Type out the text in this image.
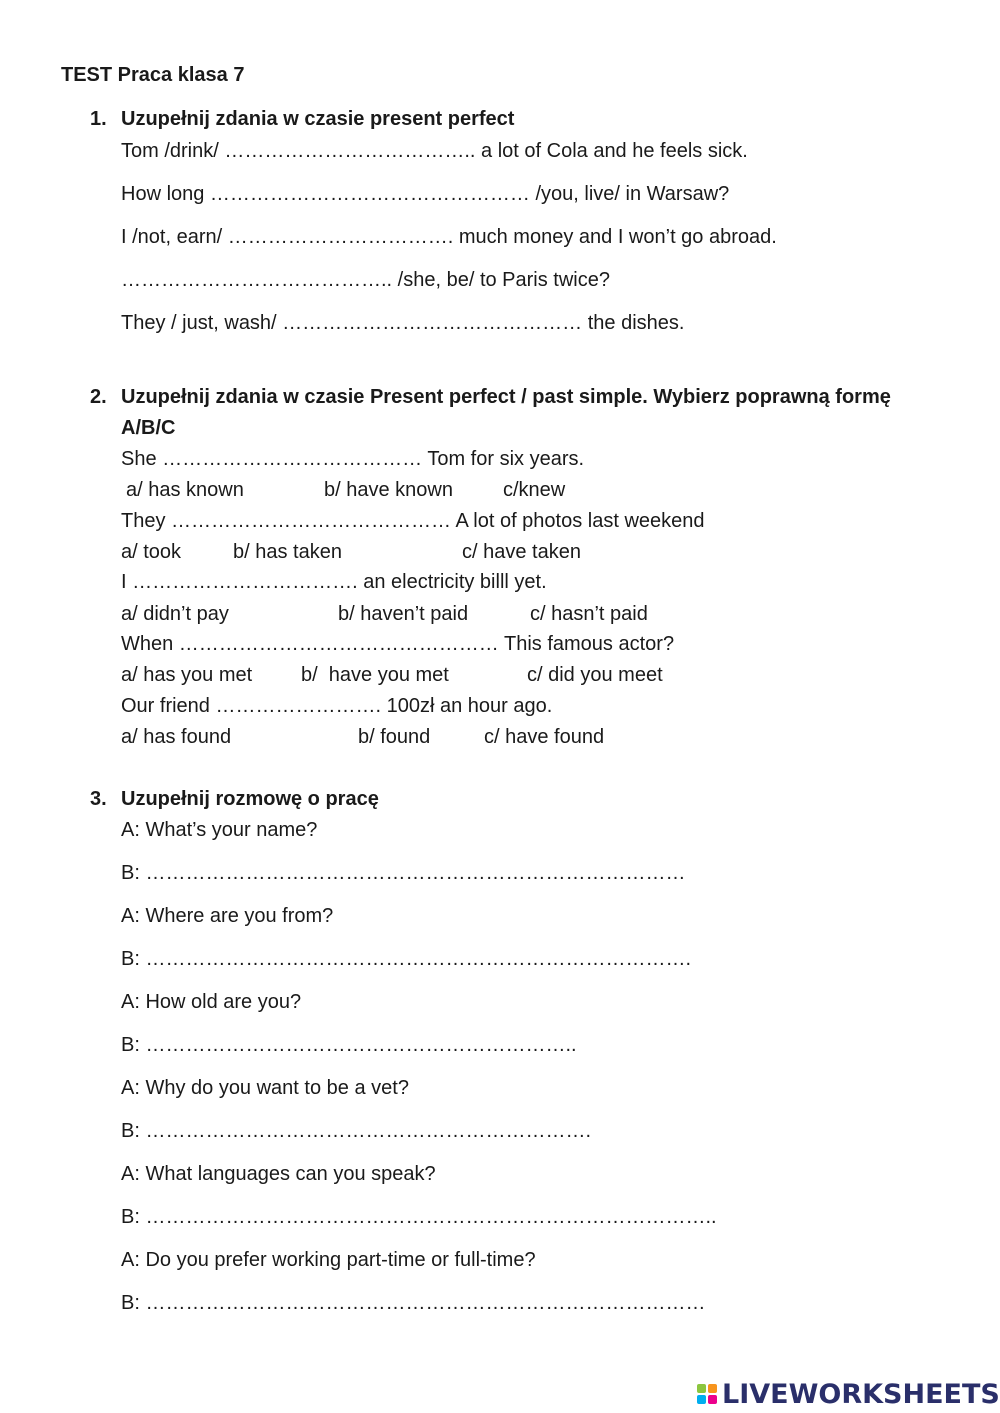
TEST Praca klasa 7
1. Uzupełnij zdania w czasie present perfect
Tom /drink/ ……………………………….. a lot of Cola and he feels sick.
How long ………………………………………… /you, live/ in Warsaw?
I /not, earn/ ……………………………. much money and I won’t go abroad.
………………………………….. /she, be/ to Paris twice?
They / just, wash/ ……………………………………… the dishes.
2. Uzupełnij zdania w czasie Present perfect / past simple. Wybierz poprawną formę
A/B/C
She ………………………………… Tom for six years.
a/ has known	b/ have known	c/knew
They …………………………………… A lot of photos last weekend
a/ took	b/ has taken	c/ have taken
I ……………………………. an electricity billl yet.
a/ didn’t pay	b/ haven’t paid	c/ hasn’t paid
When ………………………………………… This famous actor?
a/ has you met b/  have you met	c/ did you meet
Our friend ……………………. 100zł an hour ago.
a/ has found	b/ found	c/ have found
3. Uzupełnij rozmowę o pracę
A: What’s your name?
B: ………………………………………………………………………
A: Where are you from?
B: ……………………………………………………………………….
A: How old are you?
B: ………………………………………………………..
A: Why do you want to be a vet?
B: ………………………………………………………….
A: What languages can you speak?
B: …………………………………………………………………………..
A: Do you prefer working part-time or full-time?
B: …………………………………………………………………………
LIVEWORKSHEETS
